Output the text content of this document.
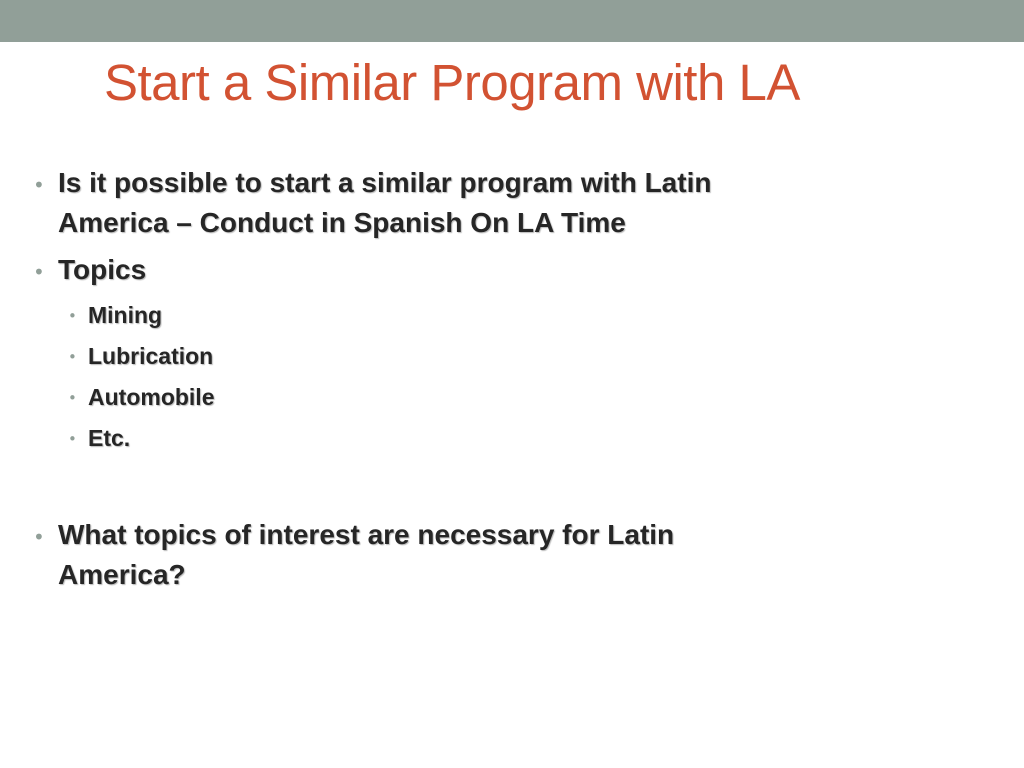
Start a Similar Program with LA
• Is it possible to start a similar program with Latin
America – Conduct in Spanish On LA Time
• Topics
• Mining
• Lubrication
• Automobile
• Etc.
• What topics of interest are necessary for Latin
America?
